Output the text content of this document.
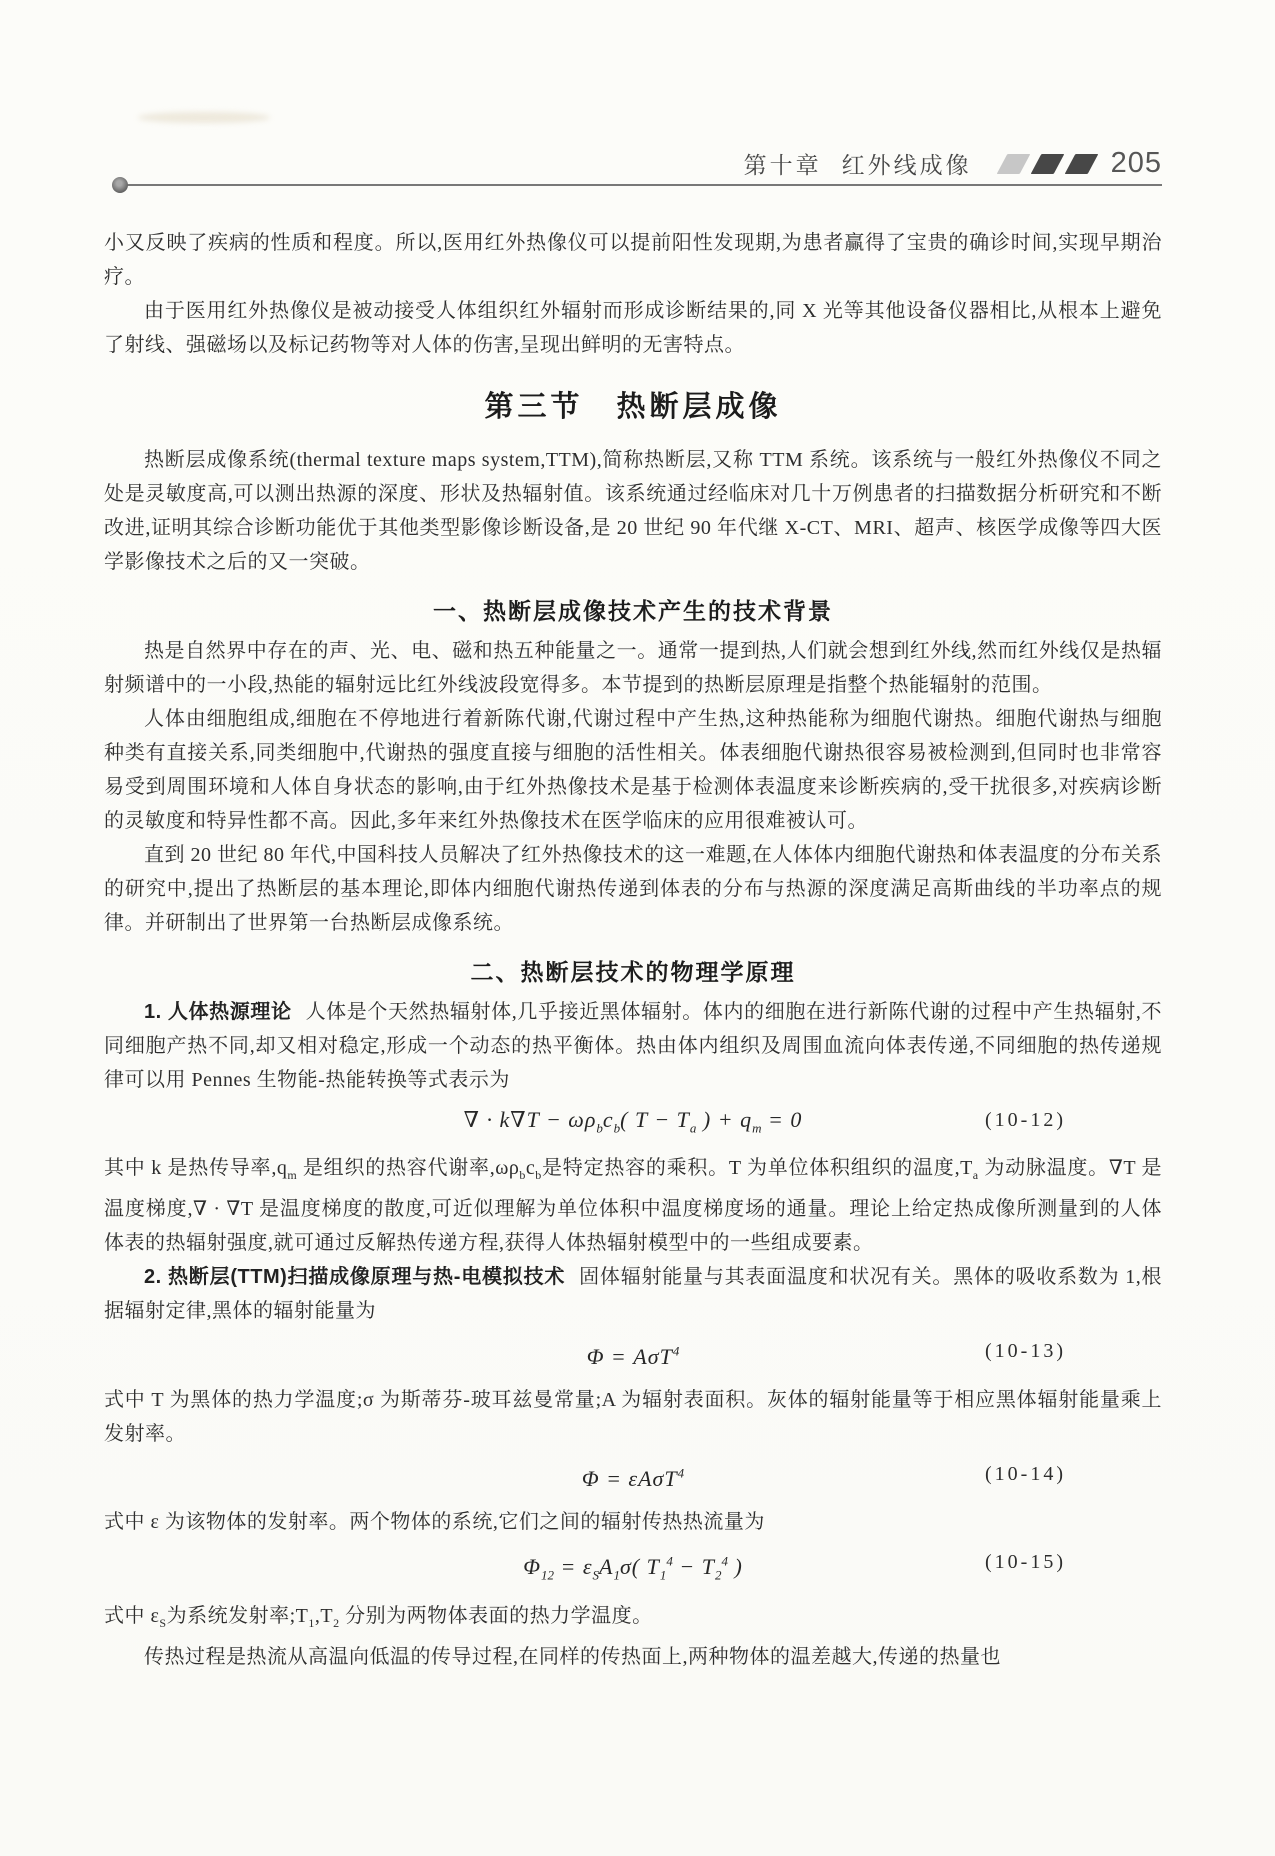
第十章 红外线成像	205

小又反映了疾病的性质和程度。所以,医用红外热像仪可以提前阳性发现期,为患者赢得了宝贵的确诊时间,实现早期治疗。

由于医用红外热像仪是被动接受人体组织红外辐射而形成诊断结果的,同 X 光等其他设备仪器相比,从根本上避免了射线、强磁场以及标记药物等对人体的伤害,呈现出鲜明的无害特点。

第三节　热断层成像

热断层成像系统(thermal texture maps system,TTM),简称热断层,又称 TTM 系统。该系统与一般红外热像仪不同之处是灵敏度高,可以测出热源的深度、形状及热辐射值。该系统通过经临床对几十万例患者的扫描数据分析研究和不断改进,证明其综合诊断功能优于其他类型影像诊断设备,是 20 世纪 90 年代继 X-CT、MRI、超声、核医学成像等四大医学影像技术之后的又一突破。

一、热断层成像技术产生的技术背景

热是自然界中存在的声、光、电、磁和热五种能量之一。通常一提到热,人们就会想到红外线,然而红外线仅是热辐射频谱中的一小段,热能的辐射远比红外线波段宽得多。本节提到的热断层原理是指整个热能辐射的范围。

人体由细胞组成,细胞在不停地进行着新陈代谢,代谢过程中产生热,这种热能称为细胞代谢热。细胞代谢热与细胞种类有直接关系,同类细胞中,代谢热的强度直接与细胞的活性相关。体表细胞代谢热很容易被检测到,但同时也非常容易受到周围环境和人体自身状态的影响,由于红外热像技术是基于检测体表温度来诊断疾病的,受干扰很多,对疾病诊断的灵敏度和特异性都不高。因此,多年来红外热像技术在医学临床的应用很难被认可。

直到 20 世纪 80 年代,中国科技人员解决了红外热像技术的这一难题,在人体体内细胞代谢热和体表温度的分布关系的研究中,提出了热断层的基本理论,即体内细胞代谢热传递到体表的分布与热源的深度满足高斯曲线的半功率点的规律。并研制出了世界第一台热断层成像系统。

二、热断层技术的物理学原理

1. 人体热源理论 人体是个天然热辐射体,几乎接近黑体辐射。体内的细胞在进行新陈代谢的过程中产生热辐射,不同细胞产热不同,却又相对稳定,形成一个动态的热平衡体。热由体内组织及周围血流向体表传递,不同细胞的热传递规律可以用 Pennes 生物能-热能转换等式表示为

∇ · $k\nabla T - \omega\rho_bc_b$( $T - T_a$ ) + $q_m = 0$	(10-12)

其中 k 是热传导率$,q_m$ 是组织的热容代谢率$,\omega\rho_bc_b$是特定热容的乘积。T 为单位体积组织的温度$,T_a$ 为动脉温度。∇T 是温度梯度,∇ · ∇T 是温度梯度的散度,可近似理解为单位体积中温度梯度场的通量。理论上给定热成像所测量到的人体体表的热辐射强度,就可通过反解热传递方程,获得人体热辐射模型中的一些组成要素。

2. 热断层(TTM)扫描成像原理与热-电模拟技术 固体辐射能量与其表面温度和状况有关。黑体的吸收系数为 1,根据辐射定律,黑体的辐射能量为

Φ = AσT$^4$	(10-13)

式中 T 为黑体的热力学温度;σ 为斯蒂芬-玻耳兹曼常量;A 为辐射表面积。灰体的辐射能量等于相应黑体辐射能量乘上发射率。

Φ = εAσT$^4$	(10-14)

式中 ε 为该物体的发射率。两个物体的系统,它们之间的辐射传热热流量为

$\Phi_{12} = \varepsilon_SA_1\sigma$( $T_1^4 - T_2^4$ )	(10-15)

式中 $\varepsilon_S$为系统发射率$;T_1,T_2$ 分别为两物体表面的热力学温度。

传热过程是热流从高温向低温的传导过程,在同样的传热面上,两种物体的温差越大,传递的热量也
